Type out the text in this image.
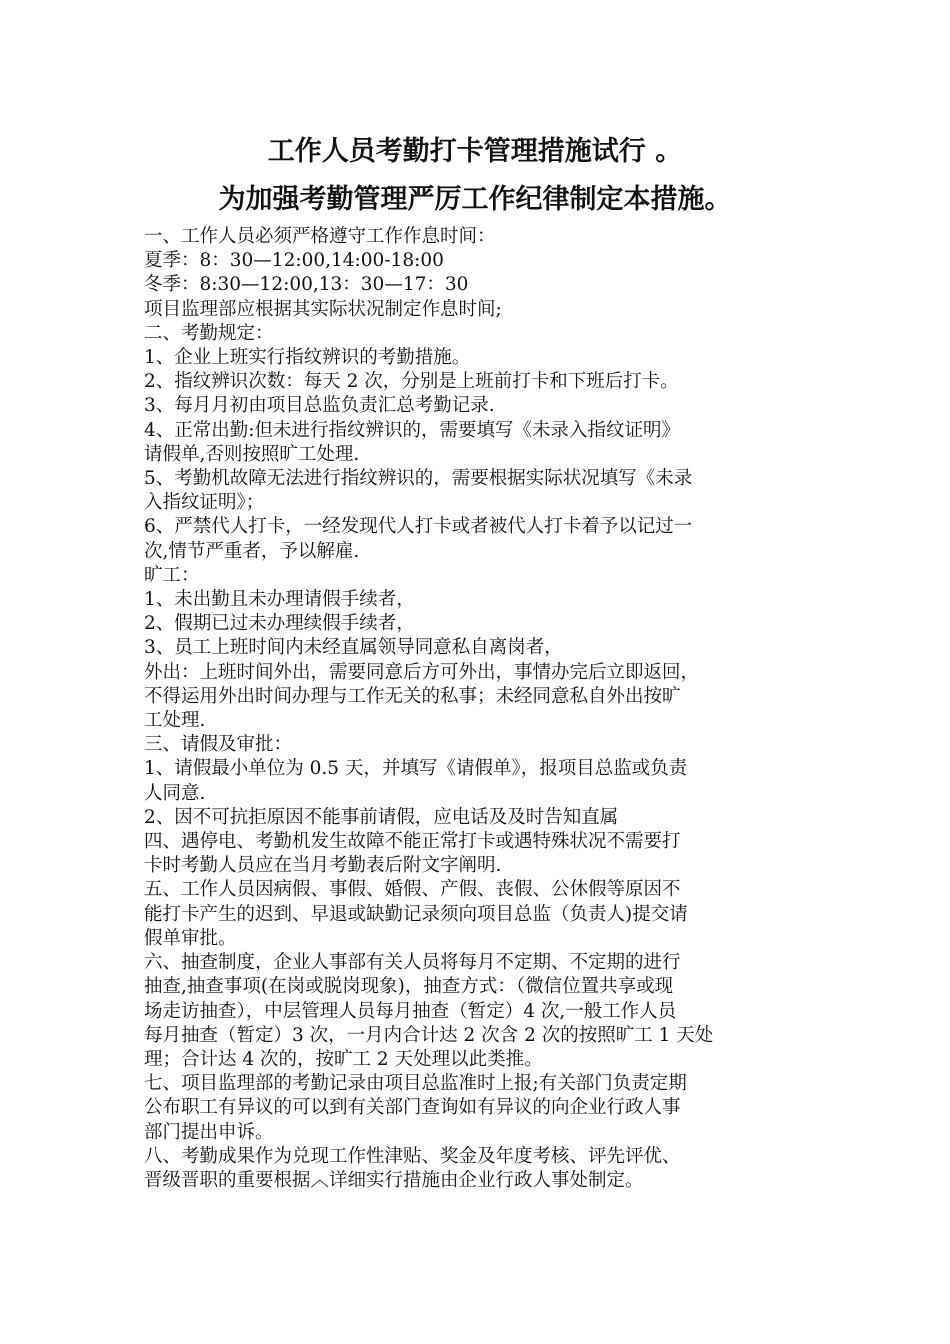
工作人员考勤打卡管理措施试行 。
为加强考勤管理严厉工作纪律制定本措施。

一、工作人员必须严格遵守工作作息时间：

夏季：8：30—12:00,14:00-18:00

冬季：8:30—12:00,13：30—17：30

项目监理部应根据其实际状况制定作息时间;

二、考勤规定：

1、企业上班实行指纹辨识的考勤措施。

2、指纹辨识次数：每天 2 次，分别是上班前打卡和下班后打卡。

3、每月月初由项目总监负责汇总考勤记录.

4、正常出勤:但未进行指纹辨识的，需要填写《未录入指纹证明》

请假单,否则按照旷工处理.

5、考勤机故障无法进行指纹辨识的，需要根据实际状况填写《未录

入指纹证明》；

6、严禁代人打卡，一经发现代人打卡或者被代人打卡着予以记过一

次,情节严重者，予以解雇.

旷工：

1、未出勤且未办理请假手续者，

2、假期已过未办理续假手续者，

3、员工上班时间内未经直属领导同意私自离岗者，

外出：上班时间外出，需要同意后方可外出，事情办完后立即返回，

不得运用外出时间办理与工作无关的私事；未经同意私自外出按旷

工处理.

三、请假及审批：

1、请假最小单位为 0.5 天，并填写《请假单》，报项目总监或负责

人同意.

2、因不可抗拒原因不能事前请假，应电话及及时告知直属

四、遇停电、考勤机发生故障不能正常打卡或遇特殊状况不需要打

卡时考勤人员应在当月考勤表后附文字阐明.

五、工作人员因病假、事假、婚假、产假、丧假、公休假等原因不

能打卡产生的迟到、早退或缺勤记录须向项目总监（负责人)提交请

假单审批。

六、抽查制度，企业人事部有关人员将每月不定期、不定期的进行

抽查,抽查事项(在岗或脱岗现象)，抽查方式：（微信位置共享或现

场走访抽查），中层管理人员每月抽查（暂定）4 次,一般工作人员

每月抽查（暂定）3 次，一月内合计达 2 次含 2 次的按照旷工 1 天处

理；合计达 4 次的，按旷工 2 天处理以此类推。

七、项目监理部的考勤记录由项目总监准时上报;有关部门负责定期

公布职工有异议的可以到有关部门查询如有异议的向企业行政人事

部门提出申诉。

八、考勤成果作为兑现工作性津贴、奖金及年度考核、评先评优、

晋级晋职的重要根据︿详细实行措施由企业行政人事处制定。
